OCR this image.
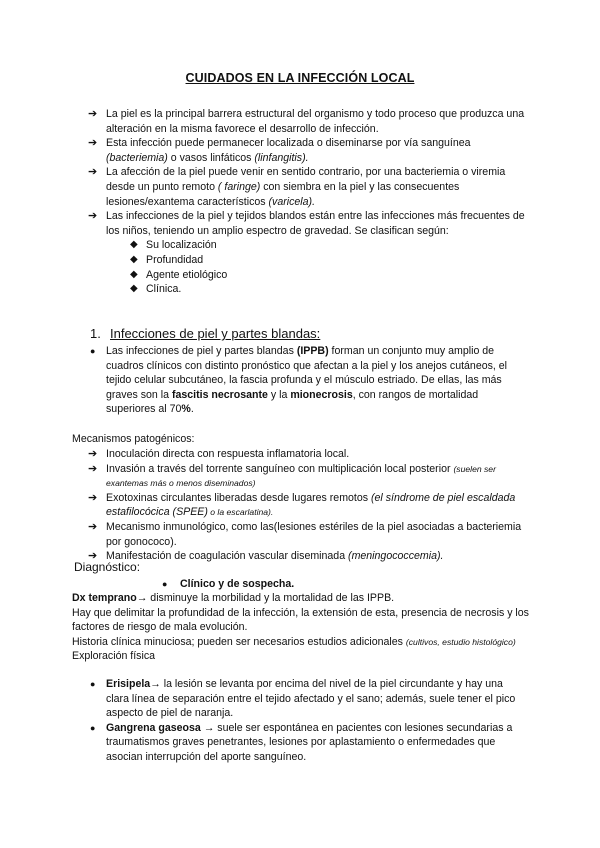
CUIDADOS EN LA INFECCIÓN LOCAL
➔ La piel es la principal barrera estructural del organismo y todo proceso que produzca una alteración en la misma favorece el desarrollo de infección.
➔ Esta infección puede permanecer localizada o diseminarse por vía sanguínea (bacteriemia) o vasos linfáticos (linfangitis).
➔ La afección de la piel puede venir en sentido contrario, por una bacteriemia o viremia desde un punto remoto ( faringe) con siembra en la piel y las consecuentes lesiones/exantema característicos (varicela).
➔ Las infecciones de la piel y tejidos blandos están entre las infecciones más frecuentes de los niños, teniendo un amplio espectro de gravedad. Se clasifican según:
◆ Su localización
◆ Profundidad
◆ Agente etiológico
◆ Clínica.
1. Infecciones de piel y partes blandas:
● Las infecciones de piel y partes blandas (IPPB) forman un conjunto muy amplio de cuadros clínicos con distinto pronóstico que afectan a la piel y los anejos cutáneos, el tejido celular subcutáneo, la fascia profunda y el músculo estriado. De ellas, las más graves son la fascitis necrosante y la mionecrosis, con rangos de mortalidad superiores al 70%.
Mecanismos patogénicos:
➔ Inoculación directa con respuesta inflamatoria local.
➔ Invasión a través del torrente sanguíneo con multiplicación local posterior (suelen ser exantemas más o menos diseminados)
➔ Exotoxinas circulantes liberadas desde lugares remotos (el síndrome de piel escaldada estafilocócica (SPEE) o la escarlatina).
➔ Mecanismo inmunológico, como las(lesiones estériles de la piel asociadas a bacteriemia por gonococo).
➔ Manifestación de coagulación vascular diseminada (meningococcemia).
Diagnóstico:
● Clínico y de sospecha.
Dx temprano→ disminuye la morbilidad y la mortalidad de las IPPB.
Hay que delimitar la profundidad de la infección, la extensión de esta, presencia de necrosis y los factores de riesgo de mala evolución.
Historia clínica minuciosa; pueden ser necesarios estudios adicionales (cultivos, estudio histológico)
Exploración física
● Erisipela→ la lesión se levanta por encima del nivel de la piel circundante y hay una clara línea de separación entre el tejido afectado y el sano; además, suele tener el pico aspecto de piel de naranja.
● Gangrena gaseosa → suele ser espontánea en pacientes con lesiones secundarias a traumatismos graves penetrantes, lesiones por aplastamiento o enfermedades que asocian interrupción del aporte sanguíneo.
